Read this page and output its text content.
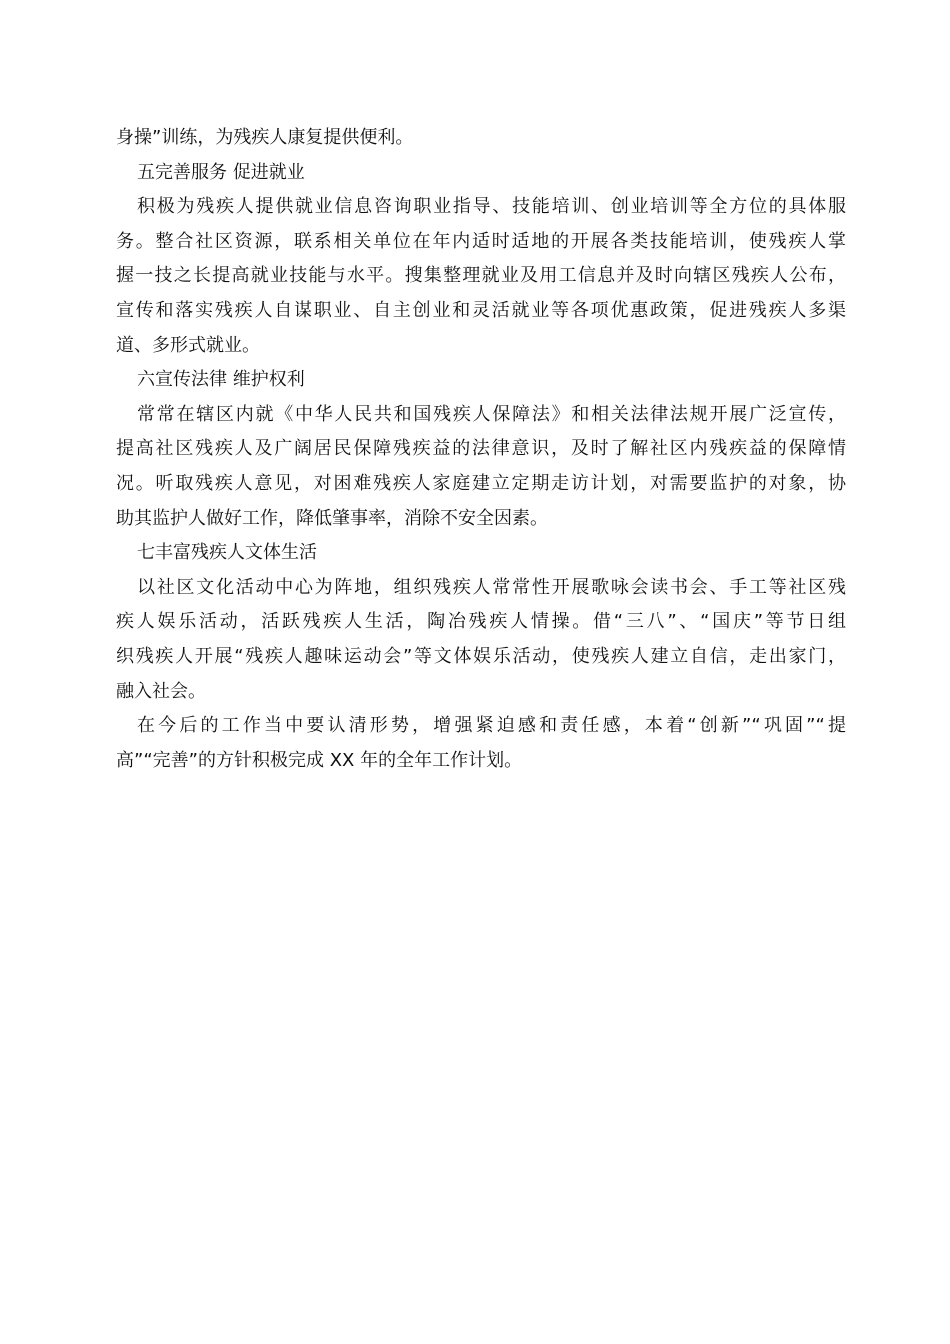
身操”训练，为残疾人康复提供便利。
五完善服务 促进就业
积极为残疾人提供就业信息咨询职业指导、技能培训、创业培训等全方位的具体服
务。整合社区资源，联系相关单位在年内适时适地的开展各类技能培训，使残疾人掌
握一技之长提高就业技能与水平。搜集整理就业及用工信息并及时向辖区残疾人公布，
宣传和落实残疾人自谋职业、自主创业和灵活就业等各项优惠政策，促进残疾人多渠
道、多形式就业。
六宣传法律 维护权利
常常在辖区内就《中华人民共和国残疾人保障法》和相关法律法规开展广泛宣传，
提高社区残疾人及广阔居民保障残疾益的法律意识，及时了解社区内残疾益的保障情
况。听取残疾人意见，对困难残疾人家庭建立定期走访计划，对需要监护的对象，协
助其监护人做好工作，降低肇事率，消除不安全因素。
七丰富残疾人文体生活
以社区文化活动中心为阵地，组织残疾人常常性开展歌咏会读书会、手工等社区残
疾人娱乐活动，活跃残疾人生活，陶冶残疾人情操。借“三八”、“国庆”等节日组
织残疾人开展“残疾人趣味运动会”等文体娱乐活动，使残疾人建立自信，走出家门，
融入社会。
在今后的工作当中要认清形势，增强紧迫感和责任感，本着“创新”“巩固”“提
高”“完善”的方针积极完成 XX 年的全年工作计划。
